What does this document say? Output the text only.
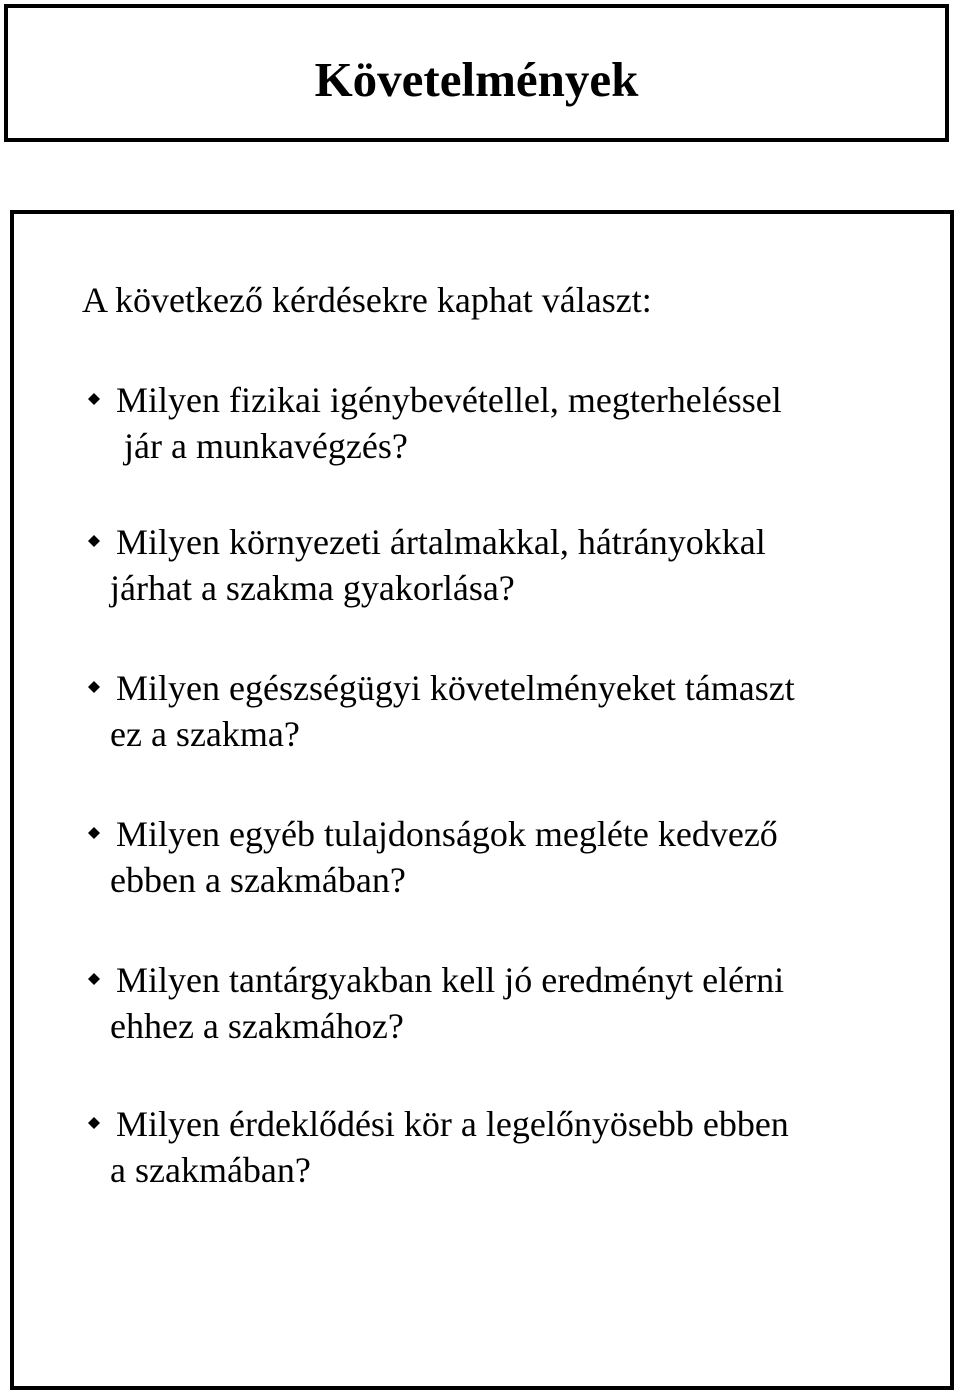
Követelmények

A következő kérdésekre kaphat választ:

Milyen fizikai igénybevétellel, megterheléssel
jár a munkavégzés?
Milyen környezeti ártalmakkal, hátrányokkal
járhat a szakma gyakorlása?
Milyen egészségügyi követelményeket támaszt
ez a szakma?
Milyen egyéb tulajdonságok megléte kedvező
ebben a szakmában?
Milyen tantárgyakban kell jó eredményt elérni
ehhez a szakmához?
Milyen érdeklődési kör a legelőnyösebb ebben
a szakmában?
